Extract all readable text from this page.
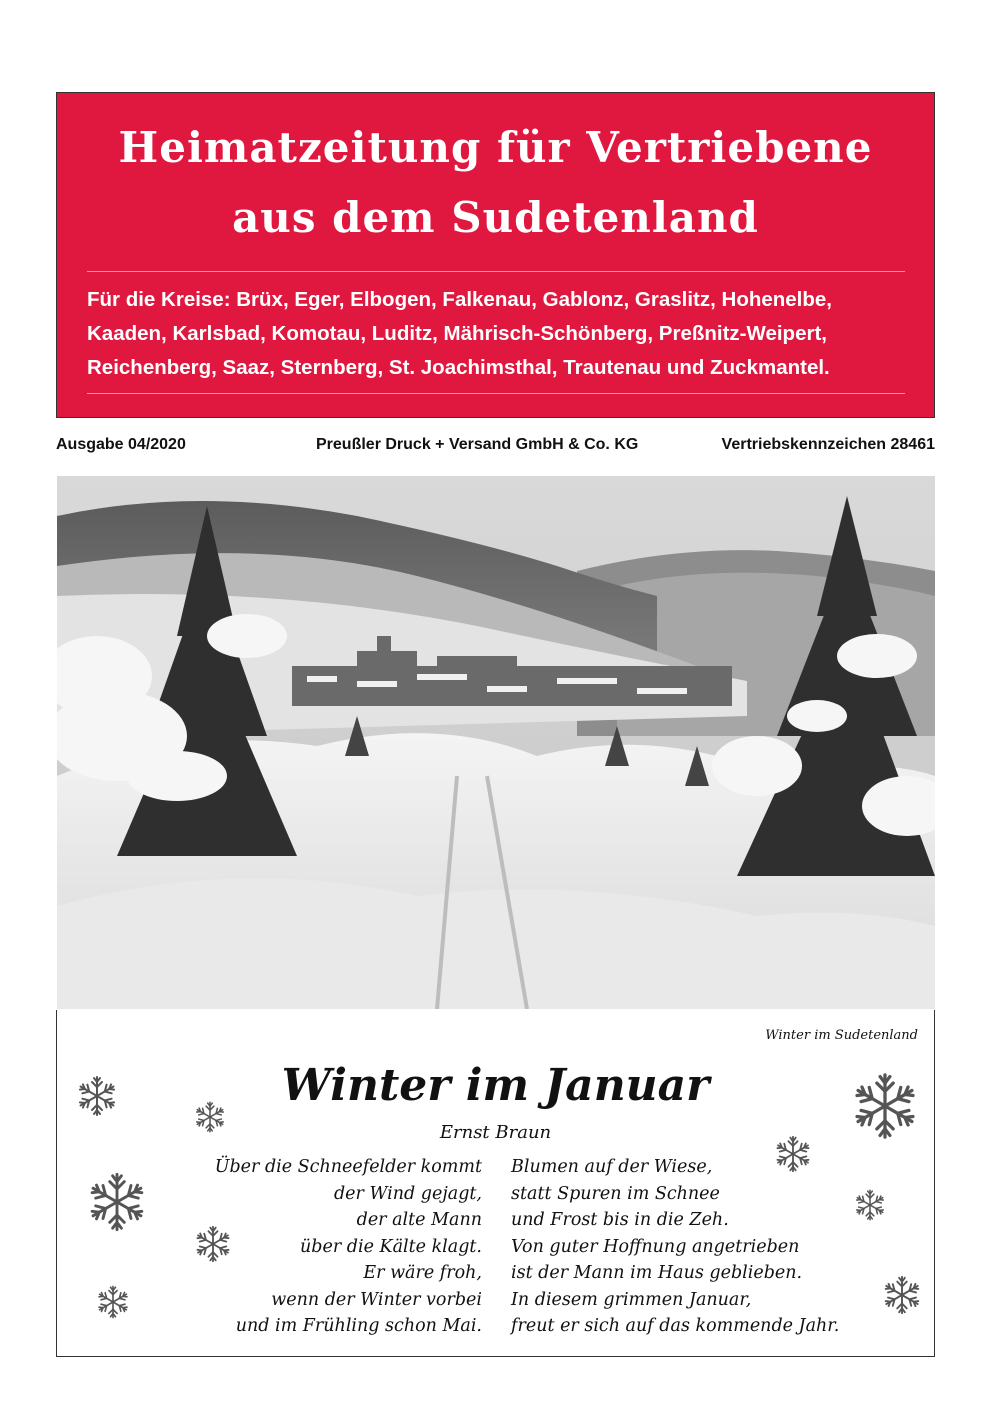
Heimatzeitung für Vertriebene
aus dem Sudetenland
Für die Kreise: Brüx, Eger, Elbogen, Falkenau, Gablonz, Graslitz, Hohenelbe,
Kaaden, Karlsbad, Komotau, Luditz, Mährisch-Schönberg, Preßnitz-Weipert,
Reichenberg, Saaz, Sternberg, St. Joachimsthal, Trautenau und Zuckmantel.
Ausgabe 04/2020	Preußler Druck + Versand GmbH & Co. KG	Vertriebskennzeichen 28461
Winter im Sudetenland
Winter im Januar
Ernst Braun
Über die Schneefelder kommt
der Wind gejagt,
der alte Mann
über die Kälte klagt.
Er wäre froh,
wenn der Winter vorbei
und im Frühling schon Mai.
Blumen auf der Wiese,
statt Spuren im Schnee
und Frost bis in die Zeh.
Von guter Hoffnung angetrieben
ist der Mann im Haus geblieben.
In diesem grimmen Januar,
freut er sich auf das kommende Jahr.
